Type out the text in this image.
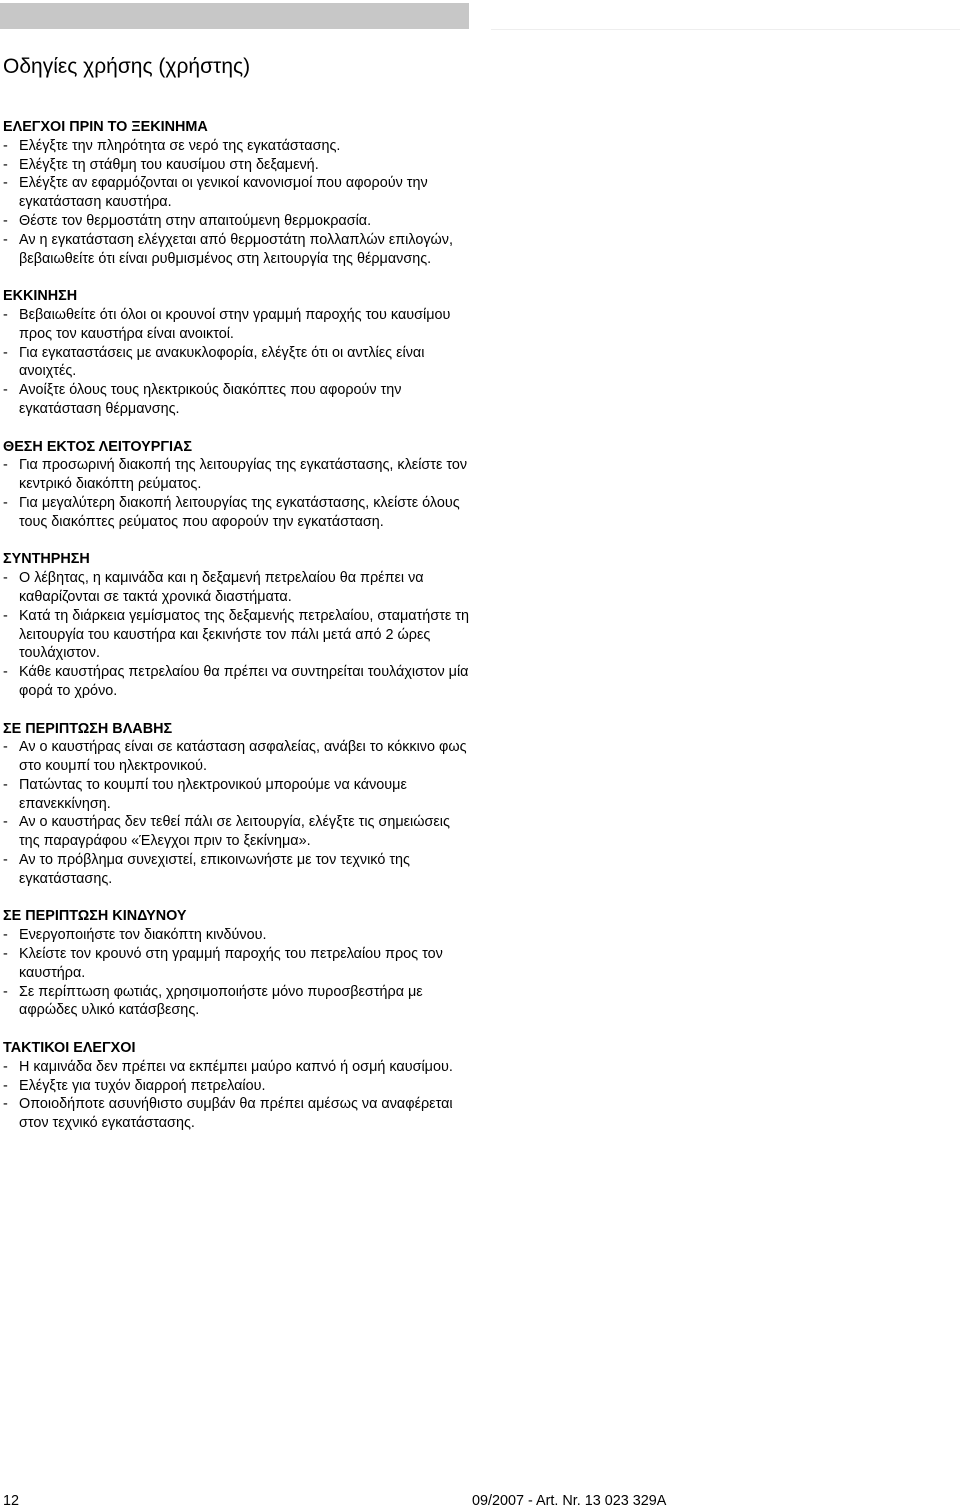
Οδηγίες χρήσης (χρήστης)
ΕΛΕΓΧΟΙ ΠΡΙΝ ΤΟ ΞΕΚΙΝΗΜΑ
- Ελέγξτε την πληρότητα σε νερό της εγκατάστασης.
- Ελέγξτε τη στάθμη του καυσίμου στη δεξαμενή.
- Ελέγξτε αν εφαρμόζονται οι γενικοί κανονισμοί που αφορούν την εγκατάσταση καυστήρα.
- Θέστε τον θερμοστάτη στην απαιτούμενη θερμοκρασία.
- Αν η εγκατάσταση ελέγχεται από θερμοστάτη πολλαπλών επιλογών, βεβαιωθείτε ότι είναι ρυθμισμένος στη λειτουργία της θέρμανσης.
ΕΚΚΙΝΗΣΗ
- Βεβαιωθείτε ότι όλοι οι κρουνοί στην γραμμή παροχής του καυσίμου προς τον καυστήρα είναι ανοικτοί.
- Για εγκαταστάσεις με ανακυκλοφορία, ελέγξτε ότι οι αντλίες είναι ανοιχτές.
- Ανοίξτε όλους τους ηλεκτρικούς διακόπτες που αφορούν την εγκατάσταση θέρμανσης.
ΘΕΣΗ ΕΚΤΟΣ ΛΕΙΤΟΥΡΓΙΑΣ
- Για προσωρινή διακοπή της λειτουργίας της εγκατάστασης, κλείστε τον κεντρικό διακόπτη ρεύματος.
- Για μεγαλύτερη διακοπή λειτουργίας της εγκατάστασης, κλείστε όλους τους διακόπτες ρεύματος που αφορούν την εγκατάσταση.
ΣΥΝΤΗΡΗΣΗ
- Ο λέβητας, η καμινάδα και η δεξαμενή πετρελαίου θα πρέπει να καθαρίζονται σε τακτά χρονικά διαστήματα.
- Κατά τη διάρκεια γεμίσματος της δεξαμενής πετρελαίου, σταματήστε τη λειτουργία του καυστήρα και ξεκινήστε τον πάλι μετά από 2 ώρες τουλάχιστον.
- Κάθε καυστήρας πετρελαίου θα πρέπει να συντηρείται τουλάχιστον μία φορά το χρόνο.
ΣΕ ΠΕΡΙΠΤΩΣΗ ΒΛΑΒΗΣ
- Αν ο καυστήρας είναι σε κατάσταση ασφαλείας, ανάβει το κόκκινο φως στο κουμπί του ηλεκτρονικού.
- Πατώντας το κουμπί του ηλεκτρονικού μπορούμε να κάνουμε επανεκκίνηση.
- Αν ο καυστήρας δεν τεθεί πάλι σε λειτουργία, ελέγξτε τις σημειώσεις της παραγράφου «Έλεγχοι πριν το ξεκίνημα».
- Αν το πρόβλημα συνεχιστεί, επικοινωνήστε με τον τεχνικό της εγκατάστασης.
ΣΕ ΠΕΡΙΠΤΩΣΗ ΚΙΝΔΥΝΟΥ
- Ενεργοποιήστε τον διακόπτη κινδύνου.
- Κλείστε τον κρουνό στη γραμμή παροχής του πετρελαίου προς τον καυστήρα.
- Σε περίπτωση φωτιάς, χρησιμοποιήστε μόνο πυροσβεστήρα με αφρώδες υλικό κατάσβεσης.
ΤΑΚΤΙΚΟΙ ΕΛΕΓΧΟΙ
- Η καμινάδα δεν πρέπει να εκπέμπει μαύρο καπνό ή οσμή καυσίμου.
- Ελέγξτε για τυχόν διαρροή πετρελαίου.
- Οποιοδήποτε ασυνήθιστο συμβάν θα πρέπει αμέσως να αναφέρεται στον τεχνικό εγκατάστασης.
12	09/2007 - Art. Nr. 13 023 329A
